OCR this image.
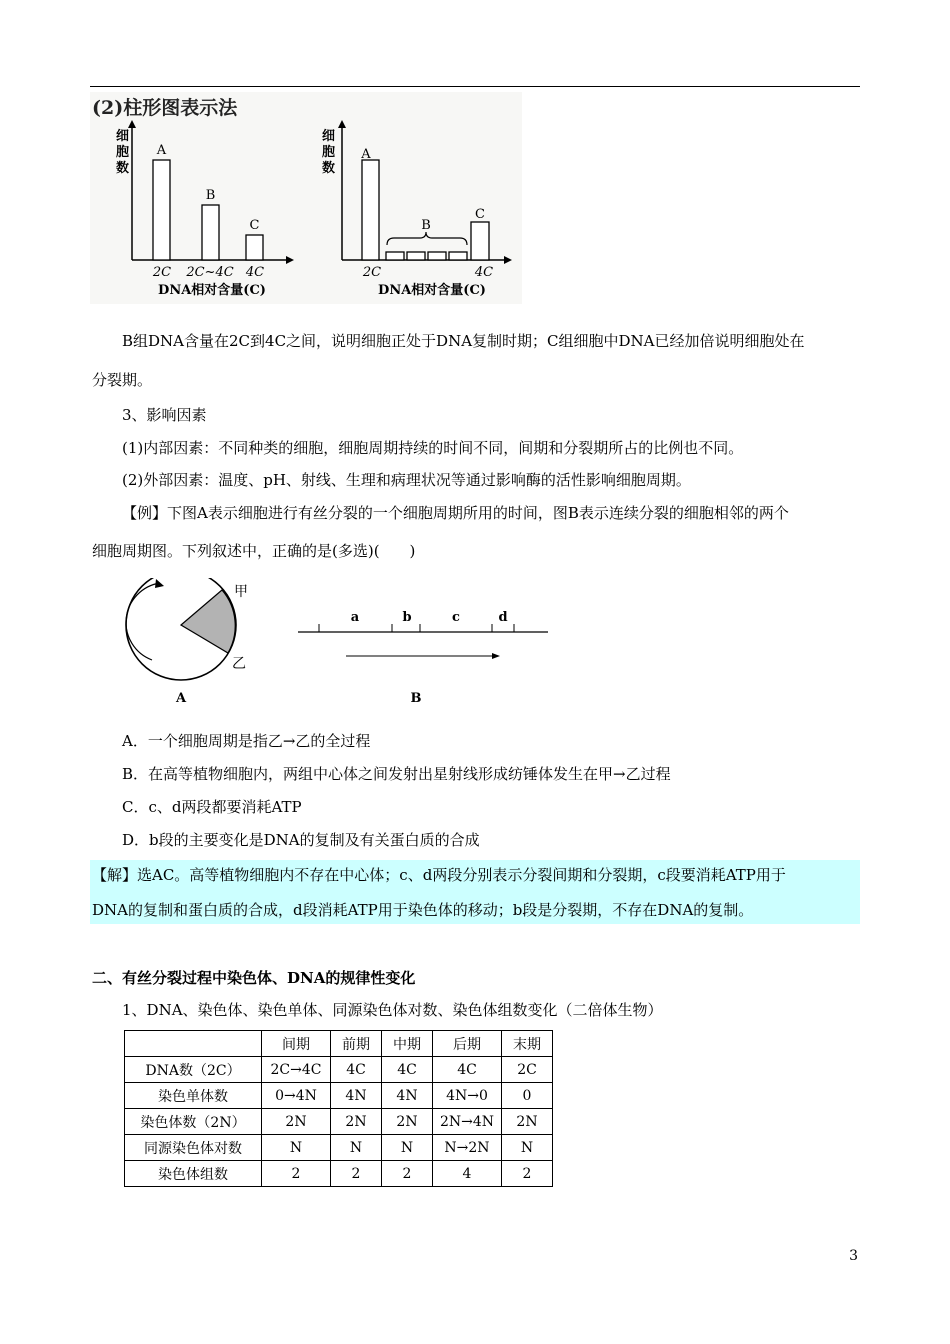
(2)柱形图表示法
细
胞
数
A
B
C
2C 2C~4C 4C
DNA相对含量(C)
细
胞
数
A
B
C
2C	4C
DNA相对含量(C)
B组DNA含量在2C到4C之间，说明细胞正处于DNA复制时期；C组细胞中DNA已经加倍说明细胞处在
分裂期。
3、影响因素
(1)内部因素：不同种类的细胞，细胞周期持续的时间不同，间期和分裂期所占的比例也不同。
(2)外部因素：温度、pH、射线、生理和病理状况等通过影响酶的活性影响细胞周期。
【例】下图A表示细胞进行有丝分裂的一个细胞周期所用的时间，图B表示连续分裂的细胞相邻的两个
细胞周期图。下列叙述中，正确的是(多选)(　　)
甲
乙
A
a	b	c	d
B
A．一个细胞周期是指乙→乙的全过程
B．在高等植物细胞内，两组中心体之间发射出星射线形成纺锤体发生在甲→乙过程
C．c、d两段都要消耗ATP
D．b段的主要变化是DNA的复制及有关蛋白质的合成
【解】选AC。高等植物细胞内不存在中心体；c、d两段分别表示分裂间期和分裂期，c段要消耗ATP用于
DNA的复制和蛋白质的合成，d段消耗ATP用于染色体的移动；b段是分裂期，不存在DNA的复制。
二、有丝分裂过程中染色体、DNA的规律性变化
1、DNA、染色体、染色单体、同源染色体对数、染色体组数变化（二倍体生物）
	间期	前期	中期	后期	末期
DNA数（2C）	2C→4C	4C	4C	4C	2C
染色单体数	0→4N	4N	4N	4N→0	0
染色体数（2N）	2N	2N	2N	2N→4N	2N
同源染色体对数	N	N	N	N→2N	N
染色体组数	2	2	2	4	2
3
